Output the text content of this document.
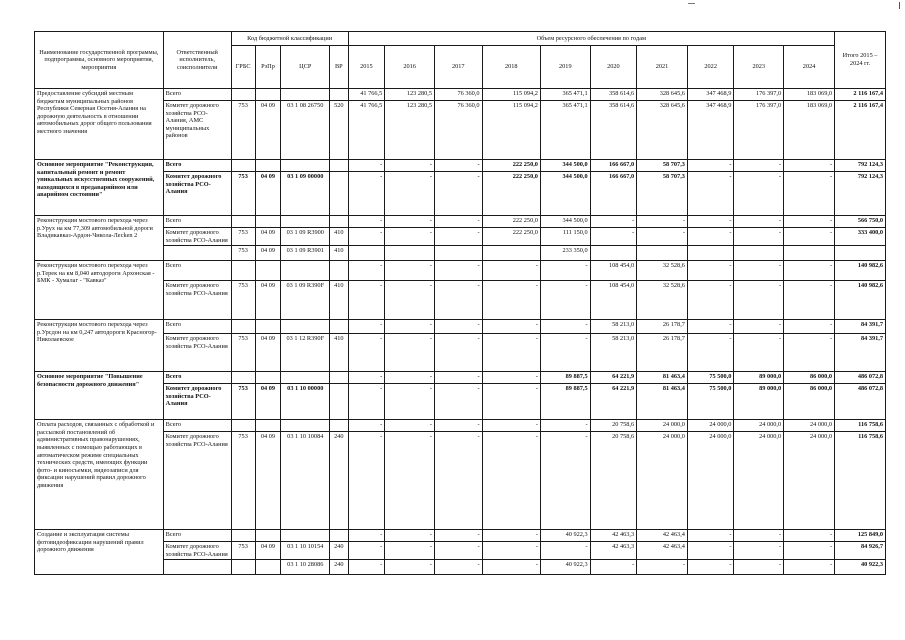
Наименование государственной программы, подпрограммы, основного мероприятия, мероприятия	Ответственный исполнитель, соисполнители	Код бюджетной классификации				Объем ресурсного обеспечения по годам										Итого 2015 – 2024 гг.
		ГРБС	РзПр	ЦСР	ВР	2015	2016	2017	2018	2019	2020	2021	2022	2023	2024	
Предоставление субсидий местным бюджетам муниципальных районов Республики Северная Осетия-Алания на дорожную деятельность в отношении автомобильных дорог общего пользования местного значения	Всего					41 766,5	123 280,5	76 360,0	115 094,2	365 471,1	358 614,6	328 645,6	347 468,9	176 397,0	183 069,0	2 116 167,4
	Комитет дорожного хозяйства РСО-Алания, АМС муниципальных районов	753	04 09	03 1 08 26750	520	41 766,5	123 280,5	76 360,0	115 094,2	365 471,1	358 614,6	328 645,6	347 468,9	176 397,0	183 069,0	2 116 167,4
Основное мероприятие "Реконструкция, капитальный ремонт и ремонт уникальных искусственных сооружений, находящихся в предаварийном или аварийном состоянии"	Всего					-	-	-	222 250,0	344 500,0	166 667,0	58 707,3	-	-	-	792 124,3
	Комитет дорожного хозяйства РСО-Алания	753	04 09	03 1 09 00000		-	-	-	222 250,0	344 500,0	166 667,0	58 707,3	-	-	-	792 124,3
Реконструкция мостового перехода через р.Урух на км 77,309 автомобильной дороги Владикавказ-Ардон-Чикола-Лесken 2	Всего					-	-	-	222 250,0	344 500,0	-	-	-	-	-	566 750,0
	Комитет дорожного хозяйства РСО-Алания	753	04 09	03 1 09 R3900	410	-	-	-	222 250,0	111 150,0	-	-	-	-	-	333 400,0
		753	04 09	03 1 09 R3901	410					233 350,0						
Реконструкция мостового перехода через р.Терек на км 8,040 автодороги Архонская - БМК - Хумалаг - "Кавказ"	Всего					-	-	-	-	-	108 454,0	32 528,6	-	-	-	140 982,6
	Комитет дорожного хозяйства РСО-Алания	753	04 09	03 1 09 R390F	410	-	-	-	-	-	108 454,0	32 528,6	-	-	-	140 982,6
Реконструкция мостового перехода через р.Урсдон на км 0,247 автодороги Красногор-Николаевское	Всего					-	-	-	-	-	58 213,0	26 178,7	-	-	-	84 391,7
	Комитет дорожного хозяйства РСО-Алания	753	04 09	03 1 12 R390F	410	-	-	-	-	-	58 213,0	26 178,7	-	-	-	84 391,7
Основное мероприятие "Повышение безопасности дорожного движения"	Всего					-	-	-	-	89 887,5	64 221,9	81 463,4	75 500,0	89 000,0	86 000,0	486 072,8
	Комитет дорожного хозяйства РСО-Алания	753	04 09	03 1 10 00000		-	-	-	-	89 887,5	64 221,9	81 463,4	75 500,0	89 000,0	86 000,0	486 072,8
Оплата расходов, связанных с обработкой и рассылкой постановлений об административных правонарушениях, выявленных с помощью работающих в автоматическом режиме специальных технических средств, имеющих функции фото- и киносъемки, видеозаписи для фиксации нарушений правил дорожного движения	Всего					-	-	-	-	-	20 758,6	24 000,0	24 000,0	24 000,0	24 000,0	116 758,6
	Комитет дорожного хозяйства РСО-Алания	753	04 09	03 1 10 10084	240	-	-	-	-	-	20 758,6	24 000,0	24 000,0	24 000,0	24 000,0	116 758,6
Создание и эксплуатация системы фотовидеофиксации нарушений правил дорожного движения	Всего					-	-	-	-	40 922,3	42 463,3	42 463,4	-	-	-	125 849,0
	Комитет дорожного хозяйства РСО-Алания	753	04 09	03 1 10 10154	240	-	-	-	-	-	42 463,3	42 463,4	-	-	-	84 926,7
				03 1 10 28086	240	-	-	-	-	40 922,3	-	-	-	-	-	40 922,3
